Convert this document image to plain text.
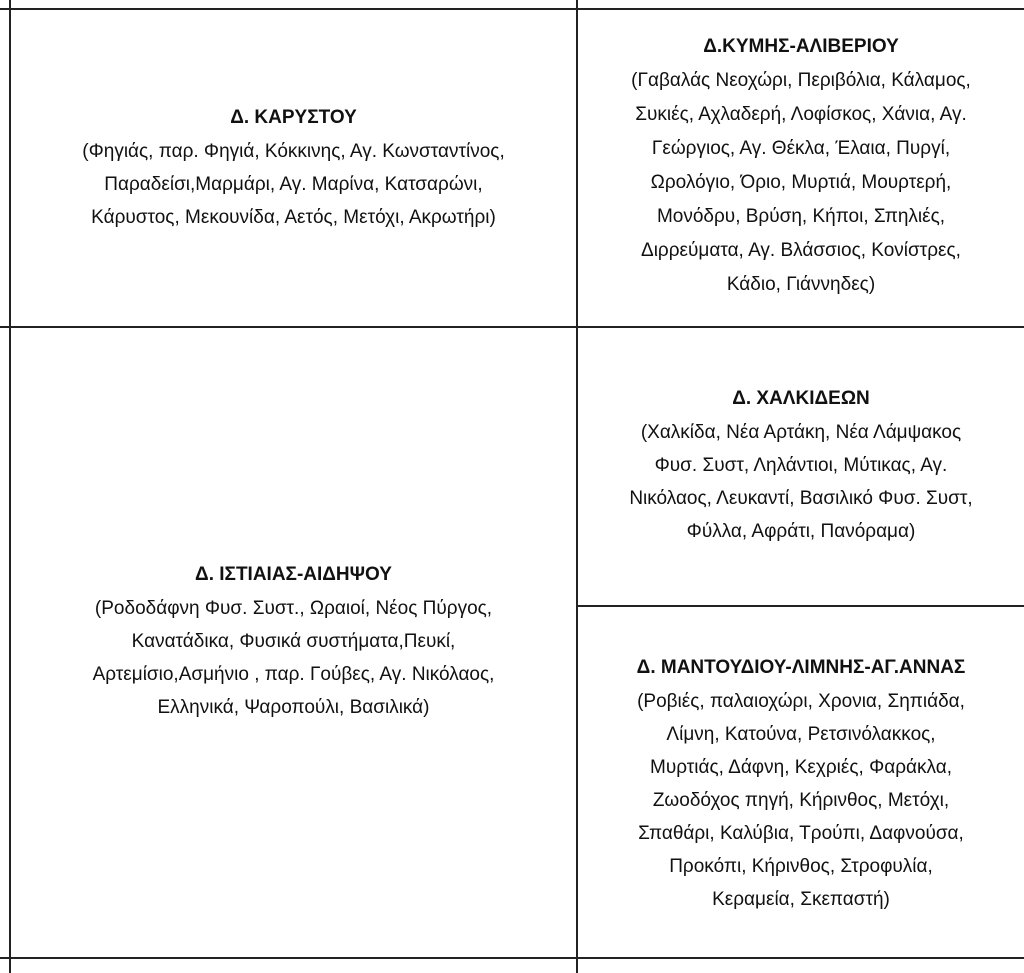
Δ. ΚΑΡΥΣΤΟΥ
(Φηγιάς, παρ. Φηγιά, Κόκκινης, Αγ. Κωνσταντίνος,
Παραδείσι,Μαρμάρι, Αγ. Μαρίνα, Κατσαρώνι,
Κάρυστος, Μεκουνίδα, Αετός, Μετόχι, Ακρωτήρι)
Δ.ΚΥΜΗΣ-ΑΛΙΒΕΡΙΟΥ
(Γαβαλάς Νεοχώρι, Περιβόλια, Κάλαμος,
Συκιές, Αχλαδερή, Λοφίσκος, Χάνια, Αγ.
Γεώργιος, Αγ. Θέκλα, Έλαια, Πυργί,
Ωρολόγιο, Όριο, Μυρτιά, Μουρτερή,
Μονόδρυ, Βρύση, Κήποι, Σπηλιές,
Διρρεύματα, Αγ. Βλάσσιος, Κονίστρες,
Κάδιο, Γιάννηδες)
Δ. ΙΣΤΙΑΙΑΣ-ΑΙΔΗΨΟΥ
(Ροδοδάφνη Φυσ. Συστ., Ωραιοί, Νέος Πύργος,
Κανατάδικα, Φυσικά συστήματα,Πευκί,
Αρτεμίσιο,Ασμήνιο , παρ. Γούβες, Αγ. Νικόλαος,
Ελληνικά, Ψαροπούλι, Βασιλικά)
Δ. ΧΑΛΚΙΔΕΩΝ
(Χαλκίδα, Νέα Αρτάκη, Νέα Λάμψακος
Φυσ. Συστ, Ληλάντιοι, Μύτικας, Αγ.
Νικόλαος, Λευκαντί, Βασιλικό Φυσ. Συστ,
Φύλλα, Αφράτι, Πανόραμα)
Δ. ΜΑΝΤΟΥΔΙΟΥ-ΛΙΜΝΗΣ-ΑΓ.ΑΝΝΑΣ
(Ροβιές, παλαιοχώρι, Χρονια, Σηπιάδα,
Λίμνη, Κατούνα, Ρετσινόλακκος,
Μυρτιάς, Δάφνη, Κεχριές, Φαράκλα,
Ζωοδόχος πηγή, Κήρινθος, Μετόχι,
Σπαθάρι, Καλύβια, Τρούπι, Δαφνούσα,
Προκόπι, Κήρινθος, Στροφυλία,
Κεραμεία, Σκεπαστή)
